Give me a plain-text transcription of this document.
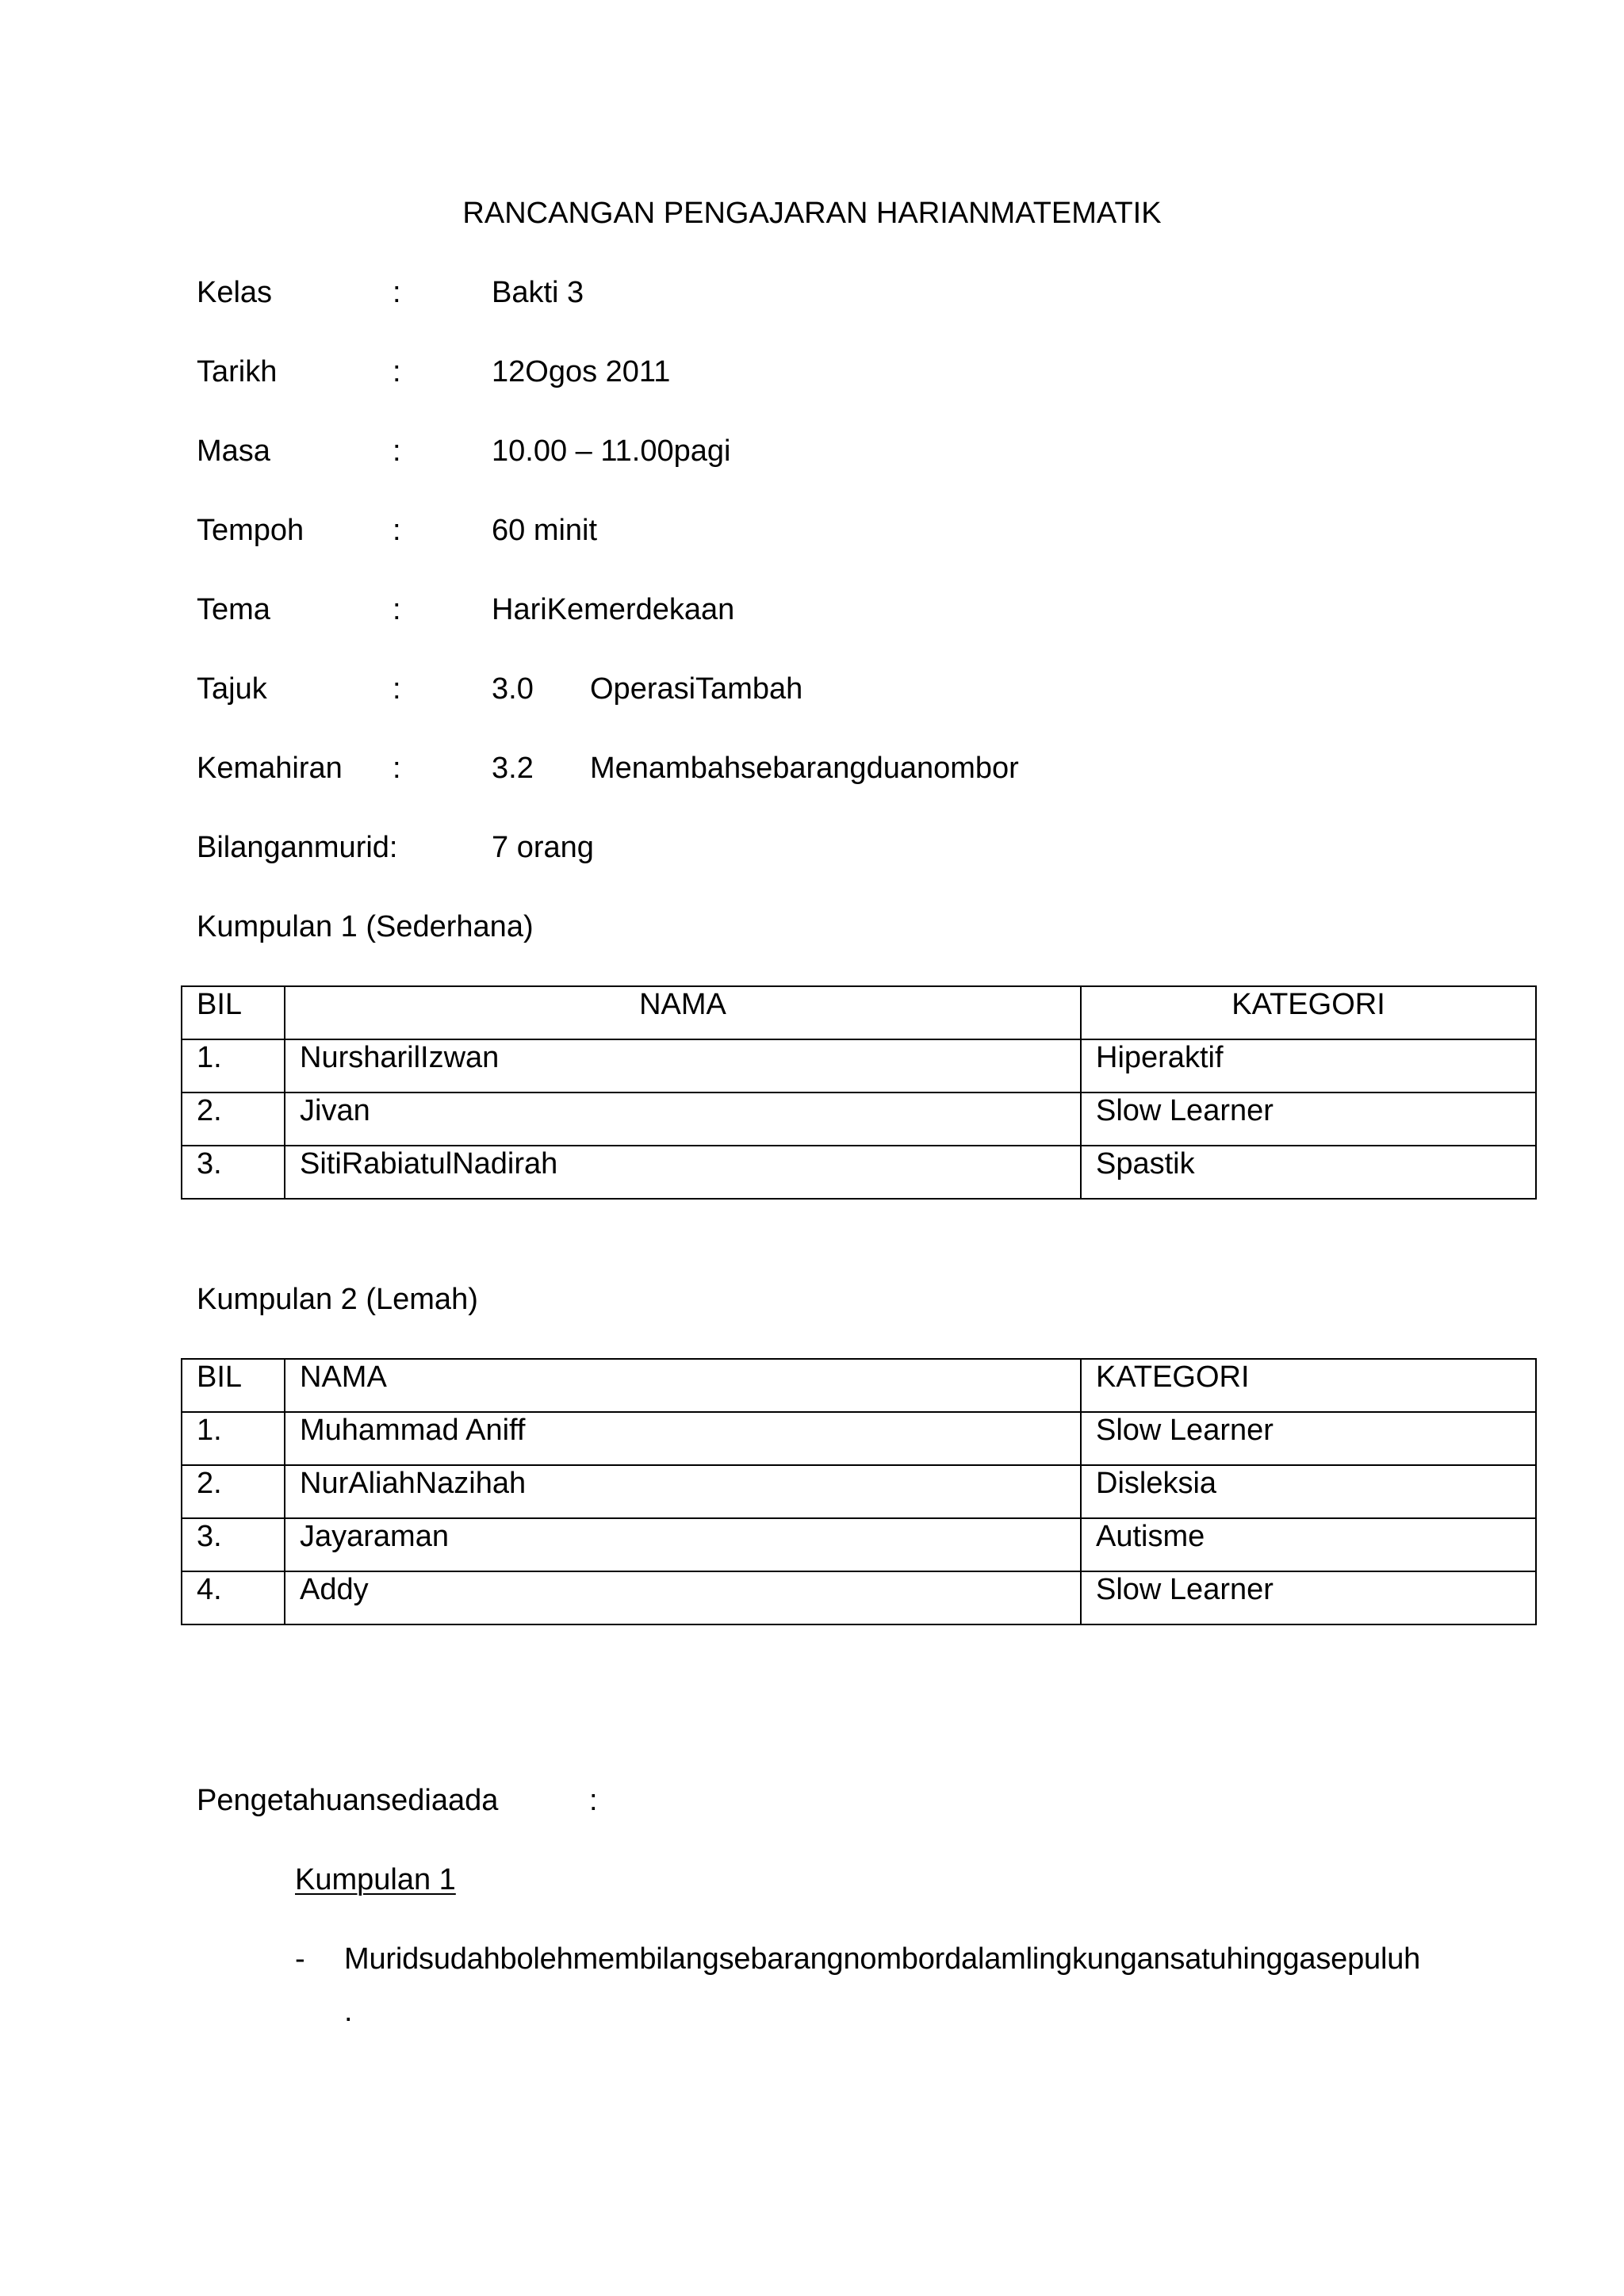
RANCANGAN PENGAJARAN HARIANMATEMATIK
Kelas	:	Bakti 3
Tarikh	:	12Ogos 2011
Masa	:	10.00 – 11.00pagi
Tempoh	:	60 minit
Tema	:	HariKemerdekaan
Tajuk	:	3.0 OperasiTambah
Kemahiran :	3.2 Menambahsebarangduanombor
Bilanganmurid:	7 orang
Kumpulan 1 (Sederhana)
BIL	NAMA	KATEGORI
1.	NursharilIzwan	Hiperaktif
2.	Jivan	Slow Learner
3.	SitiRabiatulNadirah	Spastik
Kumpulan 2 (Lemah)
BIL	NAMA	KATEGORI
1.	Muhammad Aniff	Slow Learner
2.	NurAliahNazihah	Disleksia
3.	Jayaraman	Autisme
4.	Addy	Slow Learner
Pengetahuansediaada	:
Kumpulan 1
- Muridsudahbolehmembilangsebarangnombordalamlingkungansatuhinggasepuluh
.
